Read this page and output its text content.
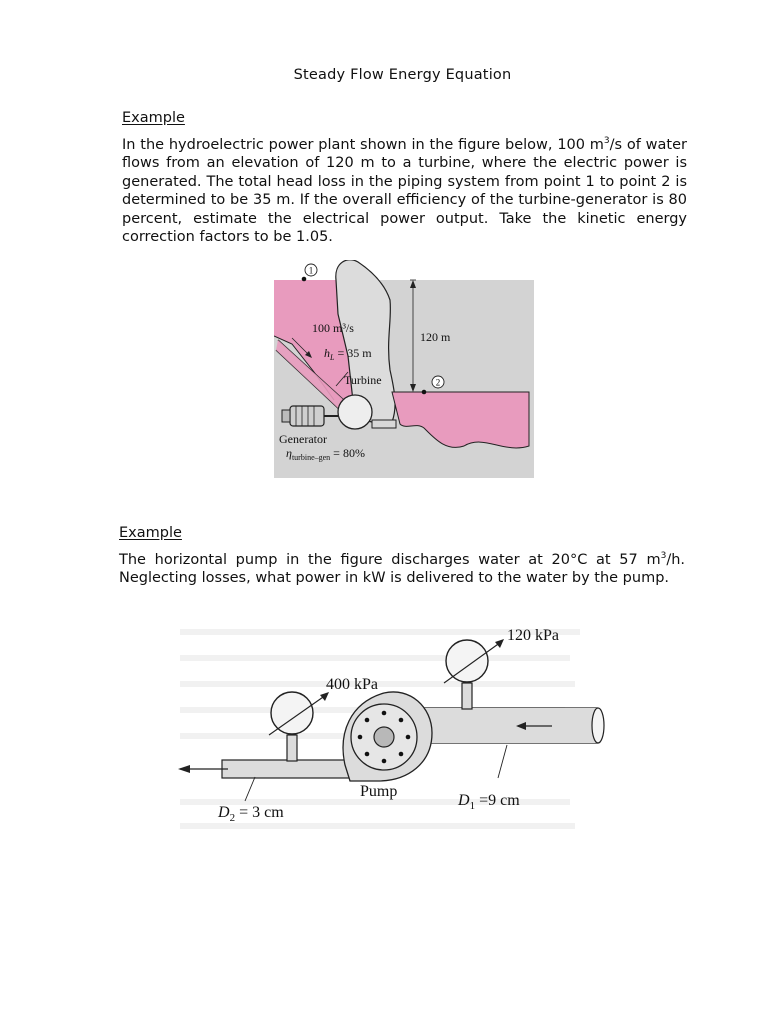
Steady Flow Energy Equation
Example
In the hydroelectric power plant shown in the figure below, 100 $m^3/s$ of water flows from an elevation of 120 m to a turbine, where the electric power is generated. The total head loss in the piping system from point 1 to point 2 is determined to be 35 m. If the overall efficiency of the turbine-generator is 80 percent, estimate the electrical power output. Take the kinetic energy correction factors to be 1.05.
1
2
100 m³/s
$h_L = 35$ m
120 m
Turbine
Generator
$\eta_{turbine-gen} = 80\%$
Example
The horizontal pump in the figure discharges water at 20°C at 57 $m^3/h$. Neglecting losses, what power in kW is delivered to the water by the pump.
120 kPa
400 kPa
Pump
$D_2 = 3$ cm
$D_1 =9$ cm
